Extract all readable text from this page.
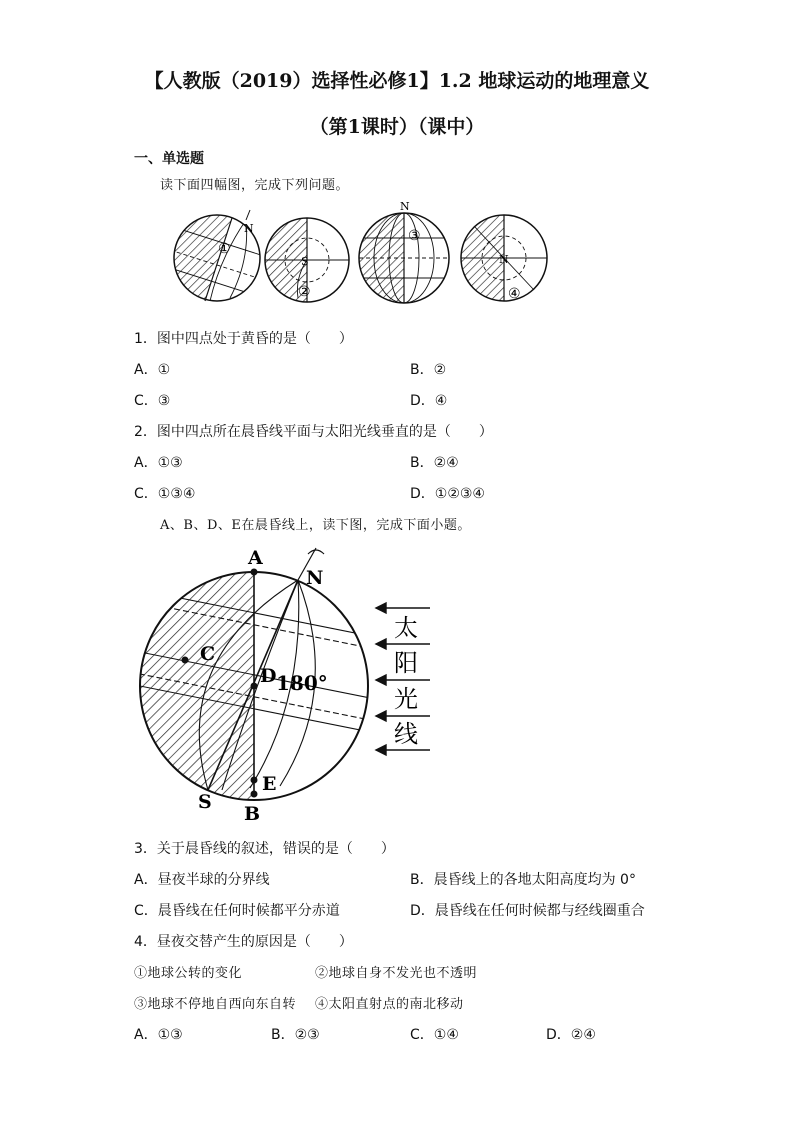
【人教版（2019）选择性必修1】1.2 地球运动的地理意义
（第1课时）（课中）
一、单选题
读下面四幅图，完成下列问题。
N
①
S
②
N
③
N
④
1．图中四点处于黄昏的是（　　）
A．①	B．②
C．③	D．④
2．图中四点所在晨昏线平面与太阳光线垂直的是（　　）
A．①③	B．②④
C．①③④	D．①②③④
A、B、D、E在晨昏线上，读下图，完成下面小题。
A
B
C
D
E
N
S
180°
太
阳
光
线
3．关于晨昏线的叙述，错误的是（　　）
A．昼夜半球的分界线	B．晨昏线上的各地太阳高度均为 0°
C．晨昏线在任何时候都平分赤道	D．晨昏线在任何时候都与经线圈重合
4．昼夜交替产生的原因是（　　）
①地球公转的变化	②地球自身不发光也不透明
③地球不停地自西向东自转 ④太阳直射点的南北移动
A．①③	B．②③	C．①④	D．②④
